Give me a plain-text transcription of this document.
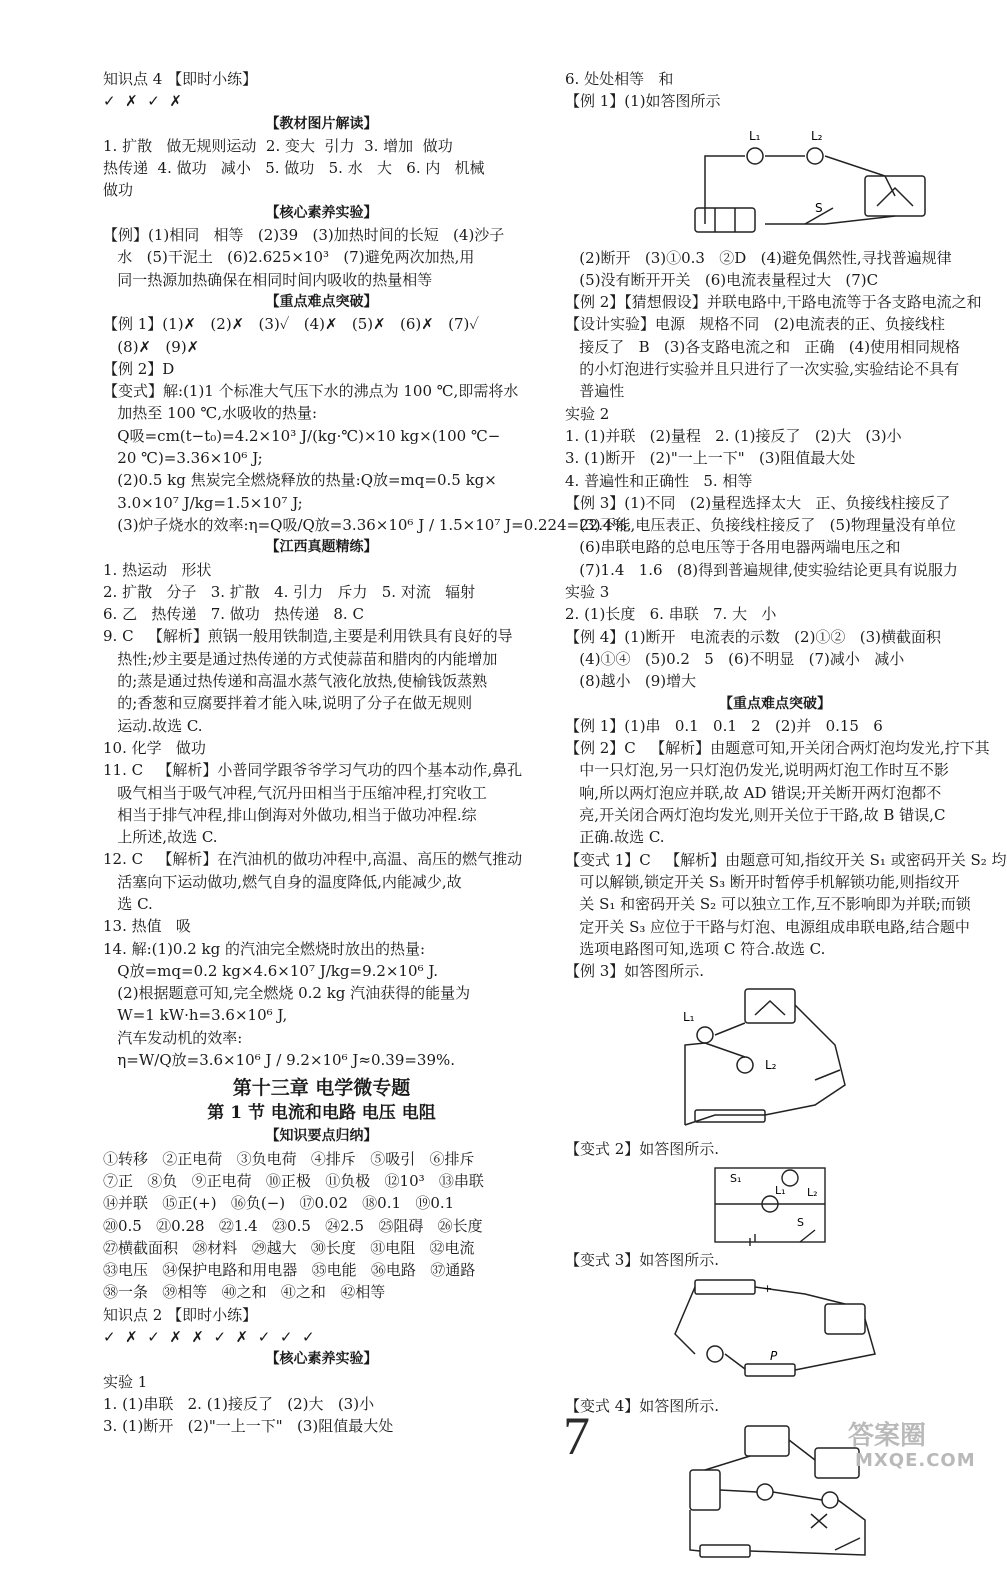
知识点 4 【即时小练】
✓  ✗  ✓  ✗
【教材图片解读】
1. 扩散   做无规则运动  2. 变大  引力  3. 增加  做功
热传递  4. 做功   减小   5. 做功   5. 水   大   6. 内   机械
做功
【核心素养实验】
【例】(1)相同   相等   (2)39   (3)加热时间的长短   (4)沙子
水   (5)干泥土   (6)2.625×10³   (7)避免两次加热,用
同一热源加热确保在相同时间内吸收的热量相等
【重点难点突破】
【例 1】(1)✗   (2)✗   (3)✓   (4)✗   (5)✗   (6)✗   (7)✓
(8)✗   (9)✗
【例 2】D
【变式】解:(1)1 个标准大气压下水的沸点为 100 ℃,即需将水
加热至 100 ℃,水吸收的热量:
Q吸=cm(t−t₀)=4.2×10³ J/(kg·℃)×10 kg×(100 ℃−
20 ℃)=3.36×10⁶ J;
(2)0.5 kg 焦炭完全燃烧释放的热量:Q放=mq=0.5 kg×
3.0×10⁷ J/kg=1.5×10⁷ J;
(3)炉子烧水的效率:η=Q吸/Q放=3.36×10⁶ J / 1.5×10⁷ J=0.224=22.4%.
【江西真题精练】
1. 热运动   形状
2. 扩散   分子   3. 扩散   4. 引力   斥力   5. 对流   辐射
6. 乙   热传递   7. 做功   热传递   8. C
9. C   【解析】煎锅一般用铁制造,主要是利用铁具有良好的导
热性;炒主要是通过热传递的方式使蒜苗和腊肉的内能增加
的;蒸是通过热传递和高温水蒸气液化放热,使榆钱饭蒸熟
的;香葱和豆腐要拌着才能入味,说明了分子在做无规则
运动.故选 C.
10. 化学   做功
11. C   【解析】小普同学跟爷爷学习气功的四个基本动作,鼻孔
吸气相当于吸气冲程,气沉丹田相当于压缩冲程,打究收工
相当于排气冲程,排山倒海对外做功,相当于做功冲程.综
上所述,故选 C.
12. C   【解析】在汽油机的做功冲程中,高温、高压的燃气推动
活塞向下运动做功,燃气自身的温度降低,内能减少,故
选 C.
13. 热值   吸
14. 解:(1)0.2 kg 的汽油完全燃烧时放出的热量:
Q放=mq=0.2 kg×4.6×10⁷ J/kg=9.2×10⁶ J.
(2)根据题意可知,完全燃烧 0.2 kg 汽油获得的能量为
W=1 kW·h=3.6×10⁶ J,
汽车发动机的效率:
η=W/Q放=3.6×10⁶ J / 9.2×10⁶ J≈0.39=39%.
第十三章 电学微专题
第 1 节 电流和电路 电压 电阻
【知识要点归纳】
①转移   ②正电荷   ③负电荷   ④排斥   ⑤吸引   ⑥排斥
⑦正   ⑧负   ⑨正电荷   ⑩正极   ⑪负极   ⑫10³   ⑬串联
⑭并联   ⑮正(+)   ⑯负(−)   ⑰0.02   ⑱0.1   ⑲0.1
⑳0.5   ㉑0.28   ㉒1.4   ㉓0.5   ㉔2.5   ㉕阻碍   ㉖长度
㉗横截面积   ㉘材料   ㉙越大   ㉚长度   ㉛电阻   ㉜电流
㉝电压   ㉞保护电路和用电器   ㉟电能   ㊱电路   ㊲通路
㊳一条   ㊴相等   ㊵之和   ㊶之和   ㊷相等
知识点 2 【即时小练】
✓  ✗  ✓  ✗  ✗  ✓  ✗  ✓  ✓  ✓
【核心素养实验】
实验 1
1. (1)串联   2. (1)接反了   (2)大   (3)小
3. (1)断开   (2)"一上一下"   (3)阻值最大处
6. 处处相等   和
【例 1】(1)如答图所示
L₁	L₂
S
(2)断开   (3)①0.3   ②D   (4)避免偶然性,寻找普遍规律
(5)没有断开开关   (6)电流表量程过大   (7)C
【例 2】【猜想假设】并联电路中,干路电流等于各支路电流之和
【设计实验】电源   规格不同   (2)电流表的正、负接线柱
接反了   B   (3)各支路电流之和   正确   (4)使用相同规格
的小灯泡进行实验并且只进行了一次实验,实验结论不具有
普遍性
实验 2
1. (1)并联   (2)量程   2. (1)接反了   (2)大   (3)小
3. (1)断开   (2)"一上一下"   (3)阻值最大处
4. 普遍性和正确性   5. 相等
【例 3】(1)不同   (2)量程选择太大   正、负接线柱接反了
(3)不能,电压表正、负接线柱接反了   (5)物理量没有单位
(6)串联电路的总电压等于各用电器两端电压之和
(7)1.4   1.6   (8)得到普遍规律,使实验结论更具有说服力
实验 3
2. (1)长度   6. 串联   7. 大   小
【例 4】(1)断开   电流表的示数   (2)①②   (3)横截面积
(4)①④   (5)0.2   5   (6)不明显   (7)减小   减小
(8)越小   (9)增大
【重点难点突破】
【例 1】(1)串   0.1   0.1   2   (2)并   0.15   6
【例 2】C   【解析】由题意可知,开关闭合两灯泡均发光,拧下其
中一只灯泡,另一只灯泡仍发光,说明两灯泡工作时互不影
响,所以两灯泡应并联,故 AD 错误;开关断开两灯泡都不
亮,开关闭合两灯泡均发光,则开关位于干路,故 B 错误,C
正确.故选 C.
【变式 1】C   【解析】由题意可知,指纹开关 S₁ 或密码开关 S₂ 均
可以解锁,锁定开关 S₃ 断开时暂停手机解锁功能,则指纹开
关 S₁ 和密码开关 S₂ 可以独立工作,互不影响即为并联;而锁
定开关 S₃ 应位于干路与灯泡、电源组成串联电路,结合题中
选项电路图可知,选项 C 符合.故选 C.
【例 3】如答图所示.
L₁
L₂
【变式 2】如答图所示.
S₁
L₁ L₂
S
【变式 3】如答图所示.
+
P
【变式 4】如答图所示.
7	答案圈
MXQE.COM
